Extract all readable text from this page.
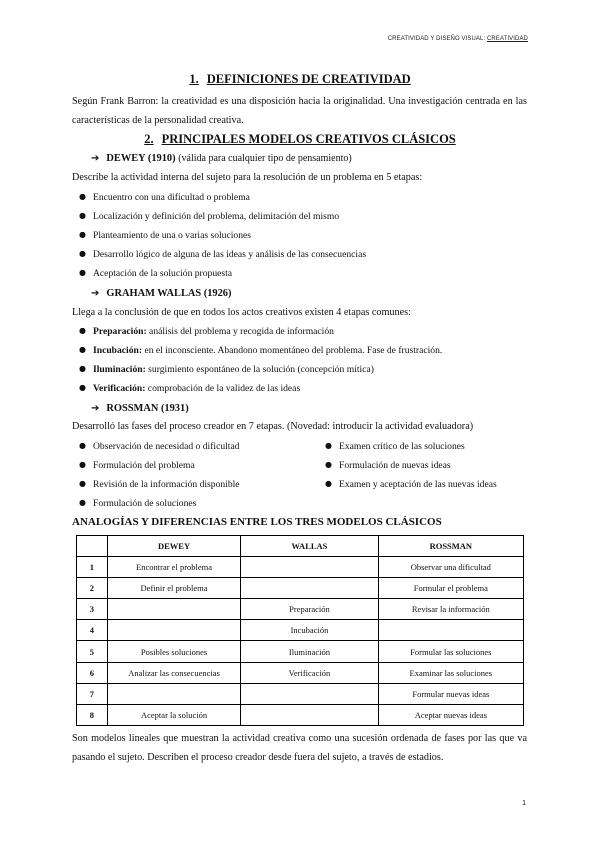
CREATIVIDAD Y DISEÑO VISUAL: CREATIVIDAD
1. DEFINICIONES DE CREATIVIDAD
Según Frank Barron: la creatividad es una disposición hacia la originalidad. Una investigación centrada en las características de la personalidad creativa.
2. PRINCIPALES MODELOS CREATIVOS CLÁSICOS
➔ DEWEY (1910) (válida para cualquier tipo de pensamiento)
Describe la actividad interna del sujeto para la resolución de un problema en 5 etapas:
● Encuentro con una dificultad o problema
● Localización y definición del problema, delimitación del mismo
● Planteamiento de una o varias soluciones
● Desarrollo lógico de alguna de las ideas y análisis de las consecuencias
● Aceptación de la solución propuesta
➔ GRAHAM WALLAS (1926)
Llega a la conclusión de que en todos los actos creativos existen 4 etapas comunes:
● Preparación: análisis del problema y recogida de información
● Incubación: en el inconsciente. Abandono momentáneo del problema. Fase de frustración.
● Iluminación: surgimiento espontáneo de la solución (concepción mítica)
● Verificación: comprobación de la validez de las ideas
➔ ROSSMAN (1931)
Desarrolló las fases del proceso creador en 7 etapas. (Novedad: introducir la actividad evaluadora)
● Observación de necesidad o dificultad
● Formulación del problema
● Revisión de la información disponible
● Formulación de soluciones
● Examen crítico de las soluciones
● Formulación de nuevas ideas
● Examen y aceptación de las nuevas ideas
ANALOGÍAS Y DIFERENCIAS ENTRE LOS TRES MODELOS CLÁSICOS
	DEWEY	WALLAS	ROSSMAN
1	Encontrar el problema		Observar una dificultad
2	Definir el problema		Formular el problema
3		Preparación	Revisar la información
4		Incubación	
5	Posibles soluciones	Iluminación	Formular las soluciones
6	Analizar las consecuencias	Verificación	Examinar las soluciones
7			Formular nuevas ideas
8	Aceptar la solución		Aceptar nuevas ideas
Son modelos lineales que muestran la actividad creativa como una sucesión ordenada de fases por las que va pasando el sujeto. Describen el proceso creador desde fuera del sujeto, a través de estadios.
1
